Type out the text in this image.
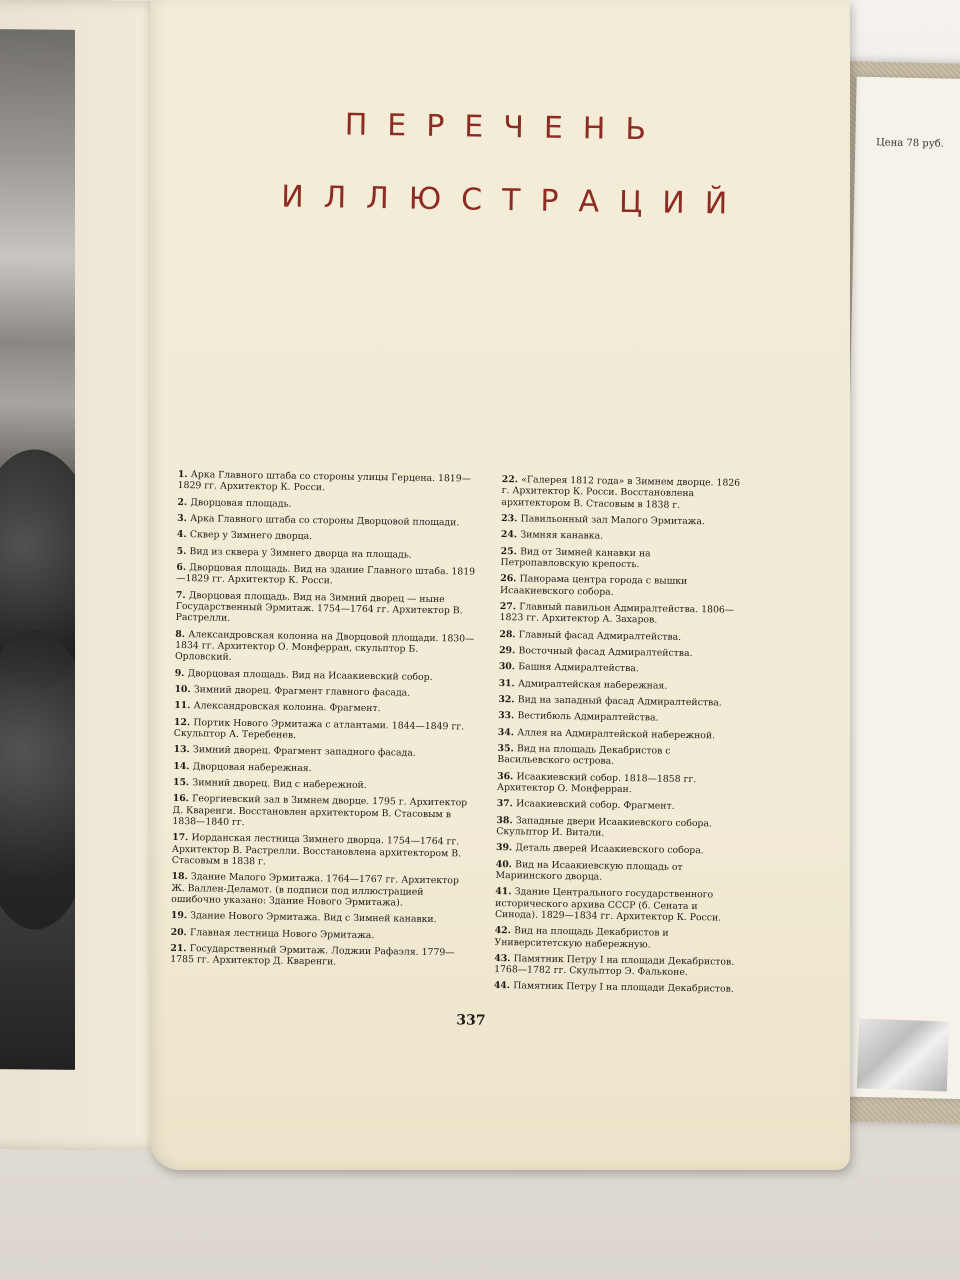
Цена 78 руб.
ПЕРЕЧЕНЬ
ИЛЛЮСТРАЦИЙ
1. Арка Главного штаба со стороны улицы Герцена. 1819—1829 гг. Архитектор К. Росси.
2. Дворцовая площадь.
3. Арка Главного штаба со стороны Дворцовой площади.
4. Сквер у Зимнего дворца.
5. Вид из сквера у Зимнего дворца на площадь.
6. Дворцовая площадь. Вид на здание Главного штаба. 1819—1829 гг. Архитектор К. Росси.
7. Дворцовая площадь. Вид на Зимний дворец — ныне Государственный Эрмитаж. 1754—1764 гг. Архитектор В. Растрелли.
8. Александровская колонна на Дворцовой площади. 1830—1834 гг. Архитектор О. Монферран, скульптор Б. Орловский.
9. Дворцовая площадь. Вид на Исаакиевский собор.
10. Зимний дворец. Фрагмент главного фасада.
11. Александровская колонна. Фрагмент.
12. Портик Нового Эрмитажа с атлантами. 1844—1849 гг. Скульптор А. Теребенев.
13. Зимний дворец. Фрагмент западного фасада.
14. Дворцовая набережная.
15. Зимний дворец. Вид с набережной.
16. Георгиевский зал в Зимнем дворце. 1795 г. Архитектор Д. Кваренги. Восстановлен архитектором В. Стасовым в 1838—1840 гг.
17. Иорданская лестница Зимнего дворца. 1754—1764 гг. Архитектор В. Растрелли. Восстановлена архитектором В. Стасовым в 1838 г.
18. Здание Малого Эрмитажа. 1764—1767 гг. Архитектор Ж. Валлен-Деламот. (в подписи под иллюстрацией ошибочно указано: Здание Нового Эрмитажа).
19. Здание Нового Эрмитажа. Вид с Зимней канавки.
20. Главная лестница Нового Эрмитажа.
21. Государственный Эрмитаж. Лоджии Рафаэля. 1779—1785 гг. Архитектор Д. Кваренги.
22. «Галерея 1812 года» в Зимнем дворце. 1826 г. Архитектор К. Росси. Восстановлена архитектором В. Стасовым в 1838 г.
23. Павильонный зал Малого Эрмитажа.
24. Зимняя канавка.
25. Вид от Зимней канавки на Петропавловскую крепость.
26. Панорама центра города с вышки Исаакиевского собора.
27. Главный павильон Адмиралтейства. 1806—1823 гг. Архитектор А. Захаров.
28. Главный фасад Адмиралтейства.
29. Восточный фасад Адмиралтейства.
30. Башня Адмиралтейства.
31. Адмиралтейская набережная.
32. Вид на западный фасад Адмиралтейства.
33. Вестибюль Адмиралтейства.
34. Аллея на Адмиралтейской набережной.
35. Вид на площадь Декабристов с Васильевского острова.
36. Исаакиевский собор. 1818—1858 гг. Архитектор О. Монферран.
37. Исаакиевский собор. Фрагмент.
38. Западные двери Исаакиевского собора. Скульптор И. Витали.
39. Деталь дверей Исаакиевского собора.
40. Вид на Исаакиевскую площадь от Мариинского дворца.
41. Здание Центрального государственного исторического архива СССР (б. Сената и Синода). 1829—1834 гг. Архитектор К. Росси.
42. Вид на площадь Декабристов и Университетскую набережную.
43. Памятник Петру I на площади Декабристов. 1768—1782 гг. Скульптор Э. Фальконе.
44. Памятник Петру I на площади Декабристов.
337
